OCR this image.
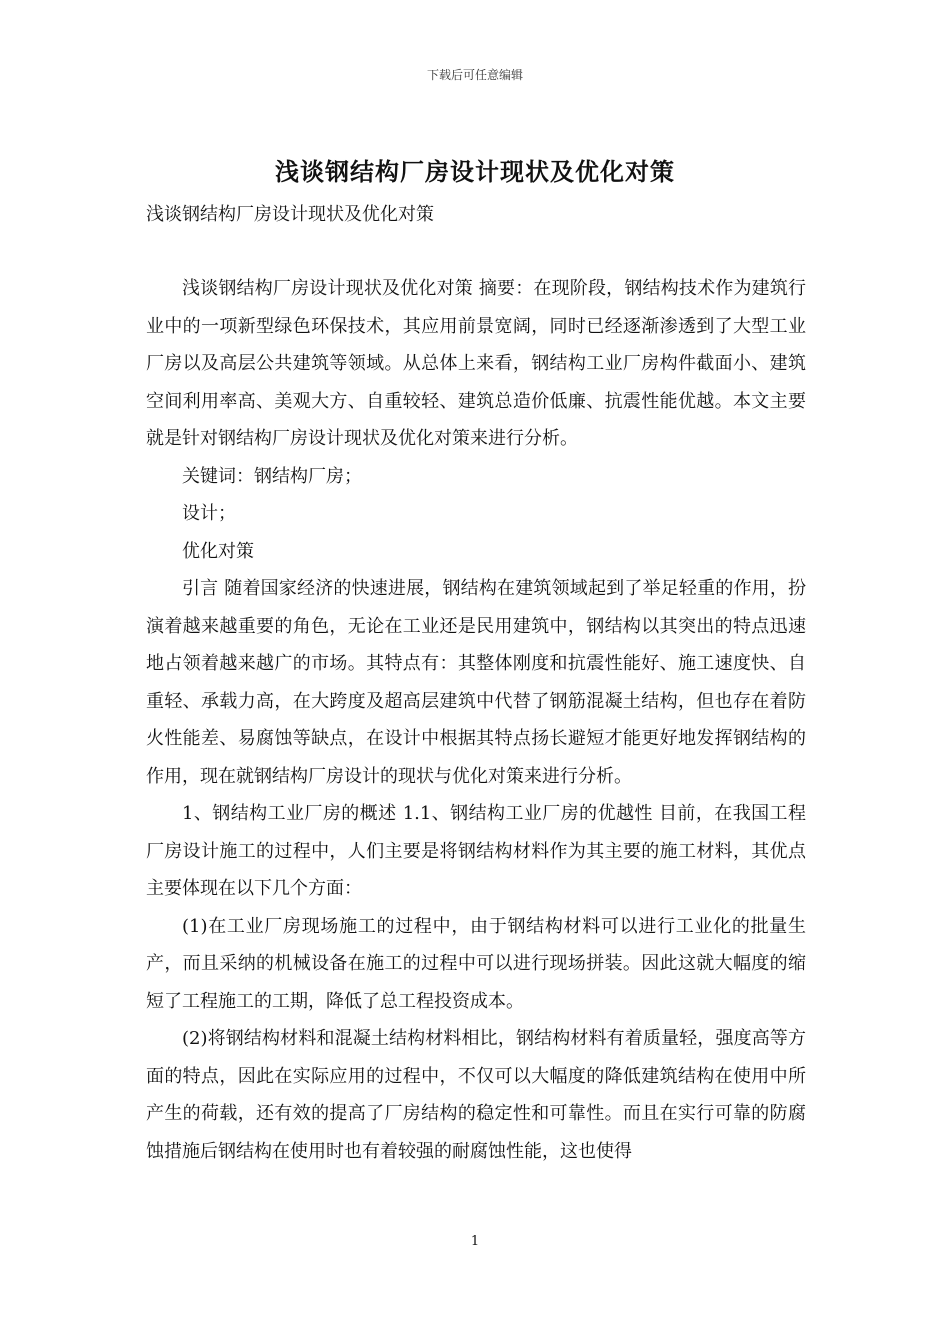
下载后可任意编辑
浅谈钢结构厂房设计现状及优化对策
浅谈钢结构厂房设计现状及优化对策

浅谈钢结构厂房设计现状及优化对策 摘要：在现阶段，钢结构技术作为建筑行业中的一项新型绿色环保技术，其应用前景宽阔，同时已经逐渐渗透到了大型工业厂房以及高层公共建筑等领域。从总体上来看，钢结构工业厂房构件截面小、建筑空间利用率高、美观大方、自重较轻、建筑总造价低廉、抗震性能优越。本文主要就是针对钢结构厂房设计现状及优化对策来进行分析。

关键词：钢结构厂房；

设计；

优化对策

引言 随着国家经济的快速进展，钢结构在建筑领域起到了举足轻重的作用，扮演着越来越重要的角色，无论在工业还是民用建筑中，钢结构以其突出的特点迅速地占领着越来越广的市场。其特点有：其整体刚度和抗震性能好、施工速度快、自重轻、承载力高，在大跨度及超高层建筑中代替了钢筋混凝土结构，但也存在着防火性能差、易腐蚀等缺点，在设计中根据其特点扬长避短才能更好地发挥钢结构的作用，现在就钢结构厂房设计的现状与优化对策来进行分析。

1、钢结构工业厂房的概述 1.1、钢结构工业厂房的优越性 目前，在我国工程厂房设计施工的过程中，人们主要是将钢结构材料作为其主要的施工材料，其优点主要体现在以下几个方面：

(1)在工业厂房现场施工的过程中，由于钢结构材料可以进行工业化的批量生产，而且采纳的机械设备在施工的过程中可以进行现场拼装。因此这就大幅度的缩短了工程施工的工期，降低了总工程投资成本。

(2)将钢结构材料和混凝土结构材料相比，钢结构材料有着质量轻，强度高等方面的特点，因此在实际应用的过程中，不仅可以大幅度的降低建筑结构在使用中所产生的荷载，还有效的提高了厂房结构的稳定性和可靠性。而且在实行可靠的防腐蚀措施后钢结构在使用时也有着较强的耐腐蚀性能，这也使得

1
